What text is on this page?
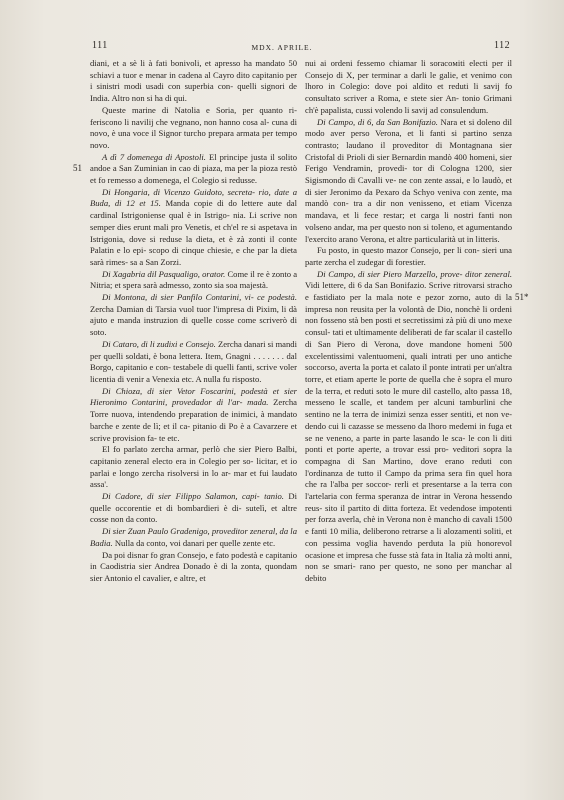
111	MDX. APRILE.	112
51
51*

diani, et a sè li à fati bonivoli, et apresso ha mandato 50 schiavi a tuor e menar in cadena al Cayro dito capitanio per i sinistri modi usadi con superbia con- quelli signori de India. Altro non si ha di qui.

Queste marine di Natolia e Soria, per quanto ri- feriscono li navilij che vegnano, non hanno cosa al- cuna di novo, è una voce il Signor turcho prepara armata per tempo novo.

A dì 7 domenega di Apostoli. El principe justa il solito andoe a San Zuminian in cao di piaza, ma per la pioza restò et fo remesso a domenega, el Colegio si redusse.

Di Hongaria, di Vicenzo Guidoto, secreta- rio, date a Buda, di 12 et 15. Manda copie di do lettere aute dal cardinal Istrigoniense qual è in Istrigo- nia. Li scrive non semper dies erunt mali pro Venetis, et ch'el re si aspetava in Istrigonia, dove si reduse la dieta, et è zà zonti il conte Palatin e lo epi- scopo di cinque chiesie, e che par la dieta sarà rimes- sa a San Zorzi.

Di Xagabria dil Pasqualigo, orator. Come il re è zonto a Nitria; et spera sarà admesso, zonto sia soa majestà.

Di Montona, di sier Panfilo Contarini, vi- ce podestà. Zercha Damian di Tarsia vuol tuor l'impresa di Pixim, li dà ajuto e manda instruzion di quelle cosse come scriverò di soto.

Di Cataro, di li zudixi e Consejo. Zercha danari si mandi per quelli soldati, è bona lettera. Item, Gnagni . . . . . . . dal Borgo, capitanio e con- testabele di quelli fanti, scrive voler licentia di venir a Venexia etc. A nulla fu risposto.

Di Chioza, di sier Vetor Foscarini, podestà et sier Hieronimo Contarini, provedador di l'ar- mada. Zercha Torre nuova, intendendo preparation de inimici, à mandato barche e zente de lì; et il ca- pitanio di Po è a Cavarzere et scrive provision fa- te etc.

El fo parlato zercha armar, perlò che sier Piero Balbi, capitanio zeneral electo era in Colegio per so- licitar, et io parlai e longo zercha risolversi in lo ar- mar et fui laudato assa'.

Di Cadore, di sier Filippo Salamon, capi- tanio. Di quelle occorentie et di bombardieri è di- sutelì, et altre cosse non da conto.

Di sier Zuan Paulo Gradenigo, proveditor zeneral, da la Badia. Nulla da conto, voi danari per quelle zente etc.

Da poi disnar fo gran Consejo, e fato podestà e capitanio in Caodistria sier Andrea Donado è di la zonta, quondam sier Antonio el cavalier, e altre, et

nui ai ordeni fessemo chiamar li soracoміti electi per il Consejo di X, per terminar a darli le galie, et venimo con lhoro in Colegio: dove poi aldito et reduti li savij fo consultato scriver a Roma, e stete sier An- tonio Grimani ch'è papalista, cussi volendo li savij ad consulendum.

Di Campo, di 6, da San Bonifazio. Nara et si doleno dil modo aver perso Verona, et li fanti si partino senza contrasto; laudano il proveditor di Montagnana sier Cristofal di Prioli di sier Bernardin mandò 400 homeni, sier Ferigo Vendramin, provedi- tor di Cologna 1200, sier Sigismondo di Cavalli ve- ne con zente assai, e lo laudò, et di sier Jeronimo da Pexaro da Schyo veniva con zente, ma mandò con- tra a dir non venisseno, et etiam Vicenza mandava, et li fece restar; et carga li nostri fanti non volseno andar, ma per questo non si toleno, et agumentando l'exercito arano Verona, et altre particularità ut in litteris.

Fu posto, in questo mazor Consejo, per li con- sieri una parte zercha el zudegar di forestier.

Di Campo, di sier Piero Marzello, prove- ditor zeneral. Vidi lettere, di 6 da San Bonifazio. Scrive ritrovarsi stracho e fastidiato per la mala note e pezor zorno, auto di la impresa non reusita per la volontà de Dio, nonchè li ordeni non fosseno stà ben posti et secretissimi zà più di uno mexe consul- tati et ultimamente deliberati de far scalar il castello di San Piero di Verona, dove mandone homeni 500 excelentissimi valentuomeni, quali intrati per uno antiche soccorso, averta la porta et calato il ponte intrati per un'altra torre, et etiam aperte le porte de quella che è sopra el muro de la terra, et reduti soto le mure dil castello, alto passa 18, messeno le scalle, et tandem per alcuni tamburlini che sentino ne la terra de inimizi senza esser sentiti, et non ve- dendo cui li cazasse se messeno da lhoro medemi in fuga et se ne veneno, a parte in parte lasando le sca- le con li diti ponti et porte aperte, a trovar essi pro- veditori sopra la compagna di San Martino, dove erano reduti con l'ordinanza de tutto il Campo da prima sera fin quel hora che ra l'alba per soccor- rerli et presentarse a la terra con l'artelaria con ferma speranza de intrar in Verona hessendo reus- sito il partito di ditta forteza. Et vedendose impotenti per forza averla, chè in Verona non è mancho di cavali 1500 e fanti 10 milia, deliberono retrarse a li alozamenti soliti, et con pessima voglia havendo perduta la più honorevol ocasione et impresa che fusse stà fata in Italia zà molti anni, non se smari- rano per questo, ne sono per manchar al debito
